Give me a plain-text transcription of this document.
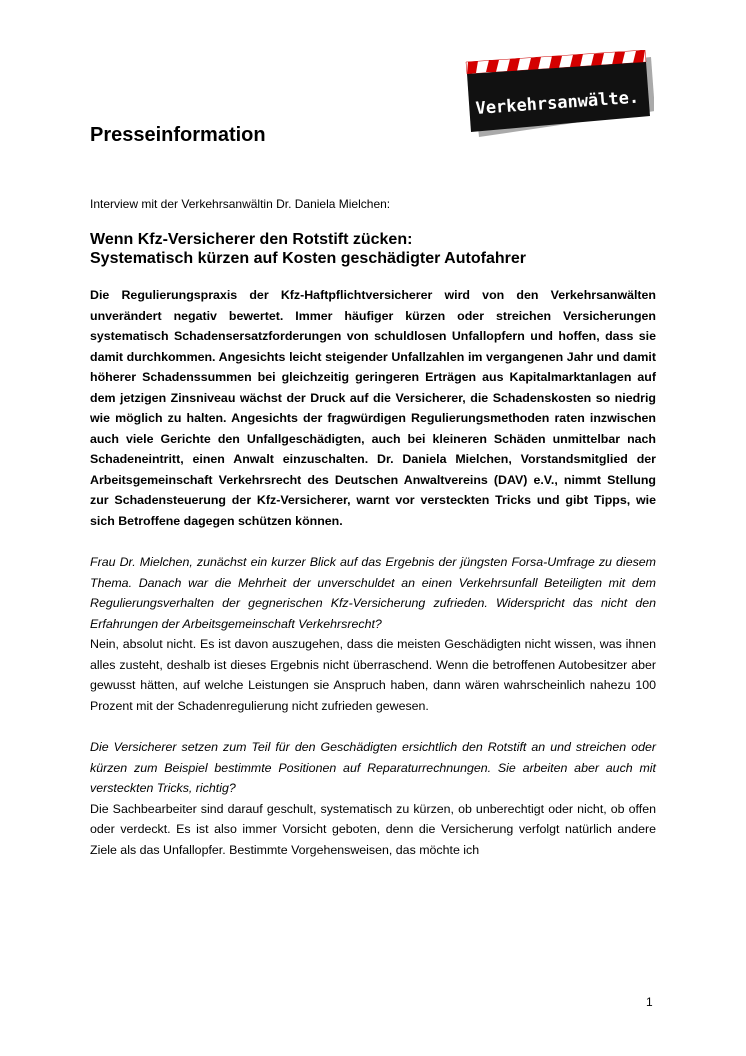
Verkehrsanwälte.
Presseinformation

Interview mit der Verkehrsanwältin Dr. Daniela Mielchen:

Wenn Kfz-Versicherer den Rotstift zücken:
Systematisch kürzen auf Kosten geschädigter Autofahrer

Die Regulierungspraxis der Kfz-Haftpflichtversicherer wird von den Verkehrsanwälten unverändert negativ bewertet. Immer häufiger kürzen oder streichen Versicherungen systematisch Schadensersatzforderungen von schuldlosen Unfallopfern und hoffen, dass sie damit durchkommen. Angesichts leicht steigender Unfallzahlen im vergangenen Jahr und damit höherer Schadenssummen bei gleichzeitig geringeren Erträgen aus Kapitalmarktanlagen auf dem jetzigen Zinsniveau wächst der Druck auf die Versicherer, die Schadenskosten so niedrig wie möglich zu halten. Angesichts der fragwürdigen Regulierungsmethoden raten inzwischen auch viele Gerichte den Unfallgeschädigten, auch bei kleineren Schäden unmittelbar nach Schadeneintritt, einen Anwalt einzuschalten. Dr. Daniela Mielchen, Vorstandsmitglied der Arbeitsgemeinschaft Verkehrsrecht des Deutschen Anwaltvereins (DAV) e.V., nimmt Stellung zur Schadensteuerung der Kfz-Versicherer, warnt vor versteckten Tricks und gibt Tipps, wie sich Betroffene dagegen schützen können.

Frau Dr. Mielchen, zunächst ein kurzer Blick auf das Ergebnis der jüngsten Forsa-Umfrage zu diesem Thema. Danach war die Mehrheit der unverschuldet an einen Verkehrsunfall Beteiligten mit dem Regulierungsverhalten der gegnerischen Kfz-Versicherung zufrieden. Widerspricht das nicht den Erfahrungen der Arbeitsgemeinschaft Verkehrsrecht?

Nein, absolut nicht. Es ist davon auszugehen, dass die meisten Geschädigten nicht wissen, was ihnen alles zusteht, deshalb ist dieses Ergebnis nicht überraschend. Wenn die betroffenen Autobesitzer aber gewusst hätten, auf welche Leistungen sie Anspruch haben, dann wären wahrscheinlich nahezu 100 Prozent mit der Schadenregulierung nicht zufrieden gewesen.

Die Versicherer setzen zum Teil für den Geschädigten ersichtlich den Rotstift an und streichen oder kürzen zum Beispiel bestimmte Positionen auf Reparaturrechnungen. Sie arbeiten aber auch mit versteckten Tricks, richtig?

Die Sachbearbeiter sind darauf geschult, systematisch zu kürzen, ob unberechtigt oder nicht, ob offen oder verdeckt. Es ist also immer Vorsicht geboten, denn die Versicherung verfolgt natürlich andere Ziele als das Unfallopfer. Bestimmte Vorgehensweisen, das möchte ich

1
